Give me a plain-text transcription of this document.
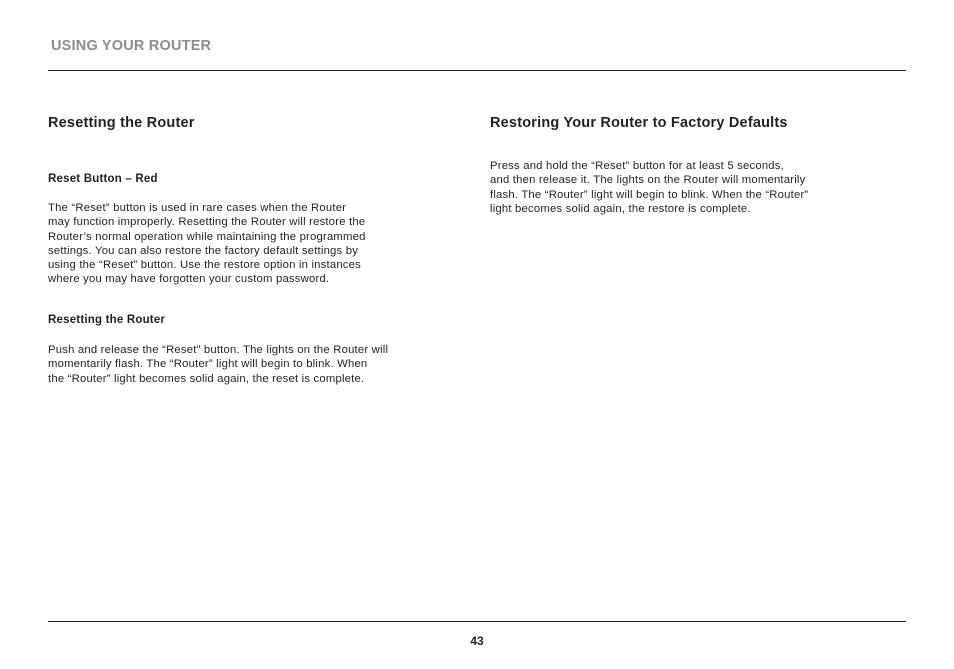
USING YOUR ROUTER
Resetting the Router
Reset Button – Red

The “Reset” button is used in rare cases when the Router
may function improperly. Resetting the Router will restore the
Router’s normal operation while maintaining the programmed
settings. You can also restore the factory default settings by
using the “Reset” button. Use the restore option in instances
where you may have forgotten your custom password.

Resetting the Router

Push and release the “Reset” button. The lights on the Router will
momentarily flash. The “Router” light will begin to blink. When
the “Router” light becomes solid again, the reset is complete.

Restoring Your Router to Factory Defaults

Press and hold the “Reset” button for at least 5 seconds,
and then release it. The lights on the Router will momentarily
flash. The “Router” light will begin to blink. When the “Router”
light becomes solid again, the restore is complete.

43
